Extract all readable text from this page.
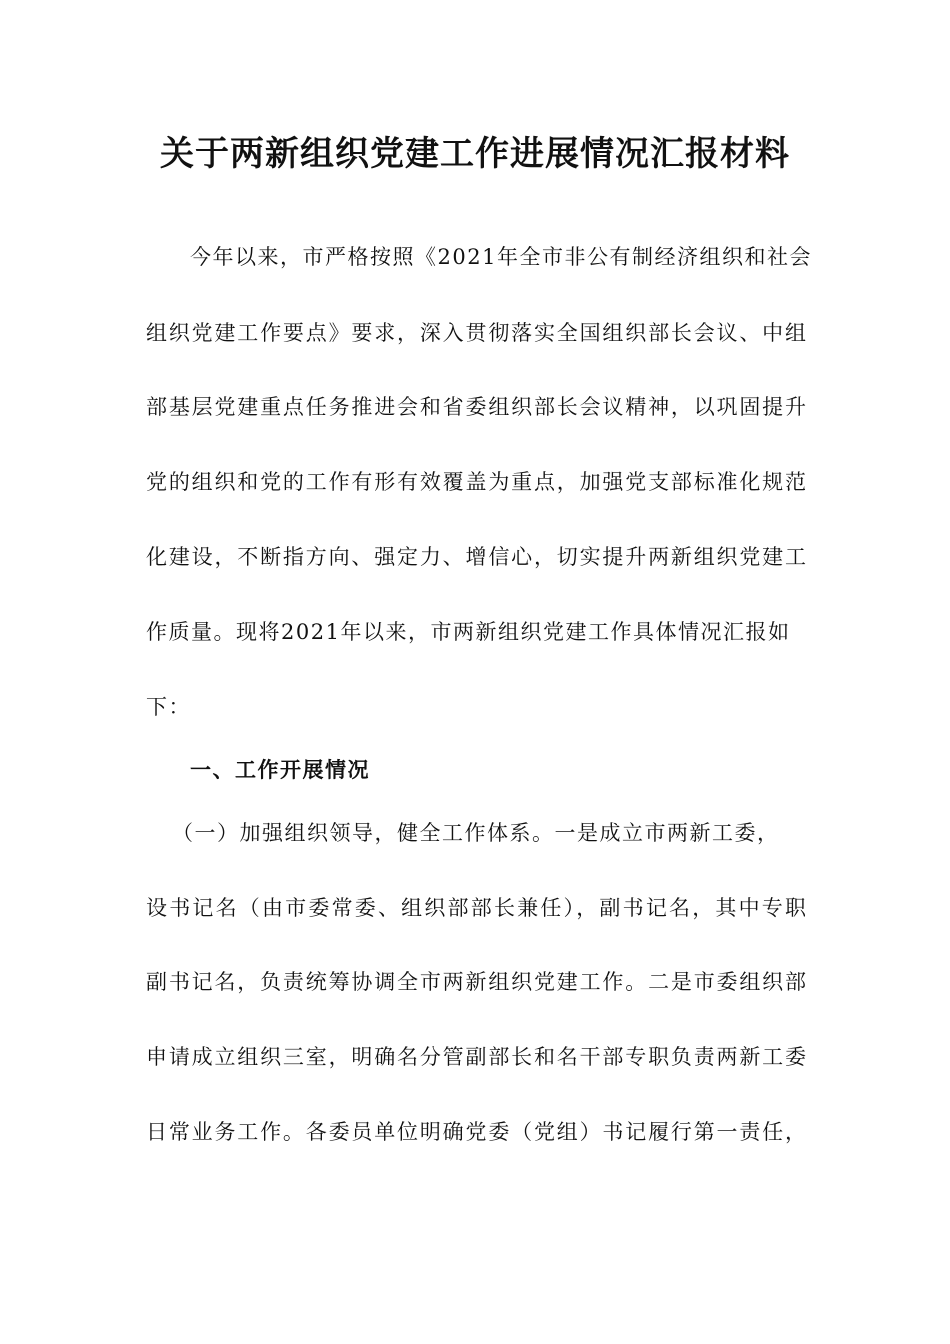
关于两新组织党建工作进展情况汇报材料
今年以来，市严格按照《2021年全市非公有制经济组织和社会
组织党建工作要点》要求，深入贯彻落实全国组织部长会议、中组
部基层党建重点任务推进会和省委组织部长会议精神，以巩固提升
党的组织和党的工作有形有效覆盖为重点，加强党支部标准化规范
化建设，不断指方向、强定力、增信心，切实提升两新组织党建工
作质量。现将2021年以来，市两新组织党建工作具体情况汇报如
下：
一、工作开展情况
（一）加强组织领导，健全工作体系。一是成立市两新工委，
设书记名（由市委常委、组织部部长兼任），副书记名，其中专职
副书记名，负责统筹协调全市两新组织党建工作。二是市委组织部
申请成立组织三室，明确名分管副部长和名干部专职负责两新工委
日常业务工作。各委员单位明确党委（党组）书记履行第一责任，
